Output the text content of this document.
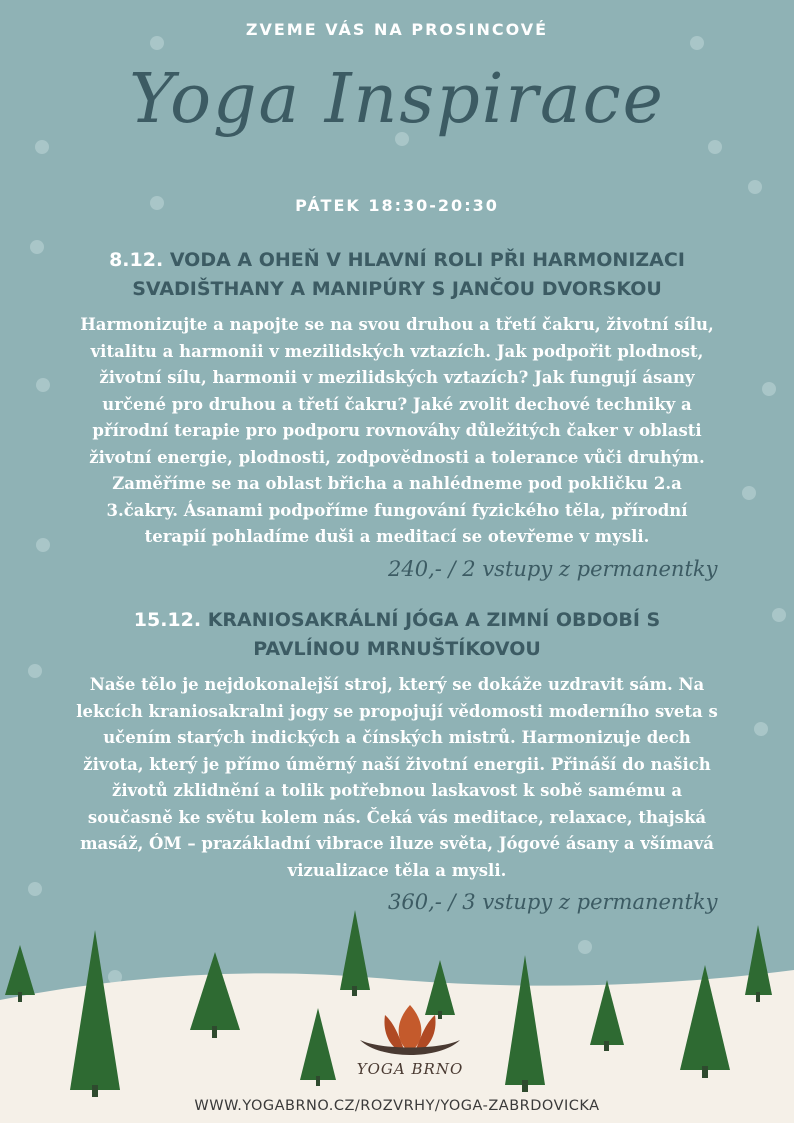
ZVEME VÁS NA PROSINCOVÉ
Yoga Inspirace
PÁTEK 18:30-20:30
8.12. VODA A OHEŇ V HLAVNÍ ROLI PŘI HARMONIZACI
SVADIŠTHANY A MANIPÚRY S JANČOU DVORSKOU
Harmonizujte a napojte se na svou druhou a třetí čakru, životní sílu,
vitalitu a harmonii v mezilidských vztazích. Jak podpořit plodnost,
životní sílu, harmonii v mezilidských vztazích? Jak fungují ásany
určené pro druhou a třetí čakru? Jaké zvolit dechové techniky a
přírodní terapie pro podporu rovnováhy důležitých čaker v oblasti
životní energie, plodnosti, zodpovědnosti a tolerance vůči druhým.
Zaměříme se na oblast břicha a nahlédneme pod pokličku 2.a
3.čakry. Ásanami podpoříme fungování fyzického těla, přírodní
terapií pohladíme duši a meditací se otevřeme v mysli.
240,- / 2 vstupy z permanentky
15.12. KRANIOSAKRÁLNÍ JÓGA A ZIMNÍ OBDOBÍ S
PAVLÍNOU MRNUŠTÍKOVOU
Naše tělo je nejdokonalejší stroj, který se dokáže uzdravit sám. Na
lekcích kraniosakralni jogy se propojují vědomosti moderního sveta s
učením starých indických a čínských mistrů. Harmonizuje dech
života, který je přímo úměrný naší životní energii. Přináší do našich
životů zklidnění a tolik potřebnou laskavost k sobě samému a
současně ke světu kolem nás. Čeká vás meditace, relaxace, thajská
masáž, ÓM – prazákladní vibrace iluze světa, Jógové ásany a všímavá
vizualizace těla a mysli.
360,- / 3 vstupy z permanentky
YOGA BRNO
WWW.YOGABRNO.CZ/ROZVRHY/YOGA-ZABRDOVICKA
